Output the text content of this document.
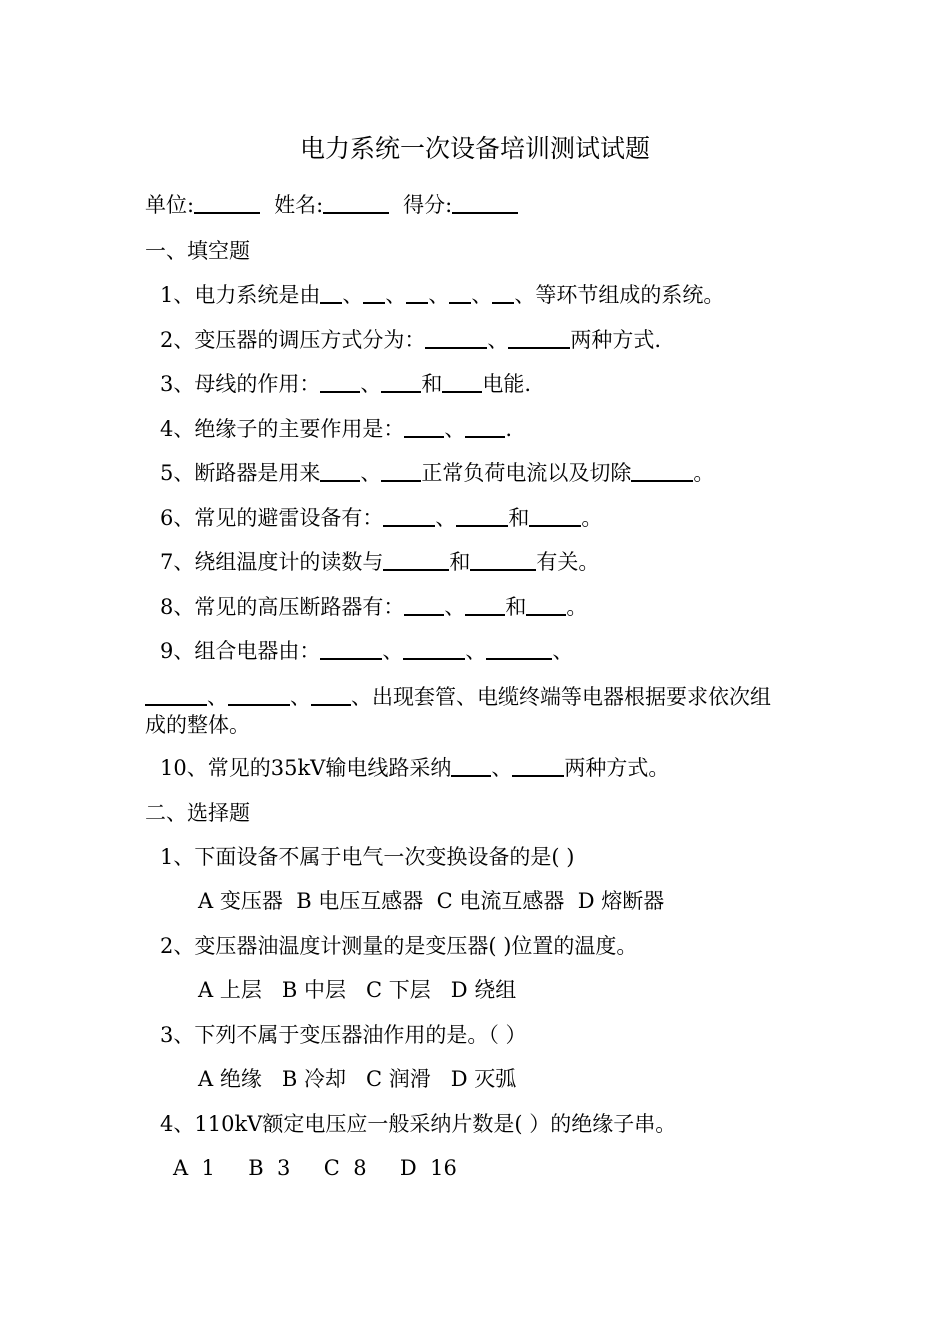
电力系统一次设备培训测试试题
单位:	姓名:	得分:
一、填空题
1、电力系统是由 、 、 、 、 、等环节组成的系统。
2、变压器的调压方式分为：	、	两种方式.
3、母线的作用： 、 和 电能.
4、绝缘子的主要作用是： 、 .
5、断路器是用来 、 正常负荷电流以及切除	。
6、常见的避雷设备有： 、 和 。
7、绕组温度计的读数与	和	有关。
8、常见的高压断路器有： 、 和 。
9、组合电器由：	、	、	、
、	、 、出现套管、电缆终端等电器根据要求依次组
成的整体。
10、常见的35kV输电线路采纳 、 两种方式。
二、选择题
1、下面设备不属于电气一次变换设备的是( )
A 变压器  B 电压互感器  C 电流互感器  D 熔断器
2、变压器油温度计测量的是变压器( )位置的温度。
A 上层   B 中层   C 下层   D 绕组
3、下列不属于变压器油作用的是。（ ）
A 绝缘   B 冷却   C 润滑   D 灭弧
4、110kV额定电压应一般采纳片数是( ）的绝缘子串。
A  1     B  3     C  8     D  16
